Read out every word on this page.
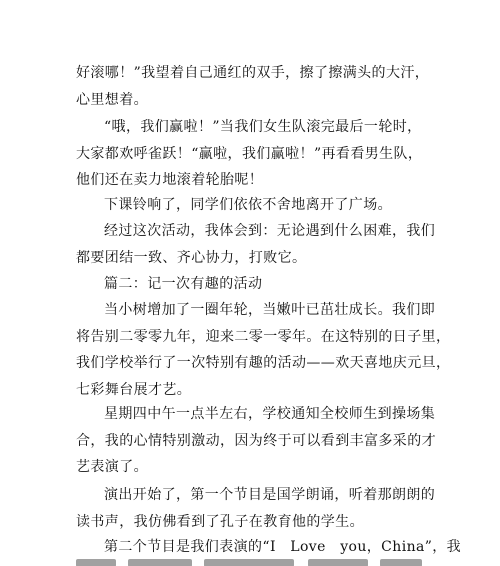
好滚哪！”我望着自己通红的双手，擦了擦满头的大汗，
心里想着。
“哦，我们赢啦！”当我们女生队滚完最后一轮时，
大家都欢呼雀跃！“赢啦，我们赢啦！”再看看男生队，
他们还在卖力地滚着轮胎呢！
下课铃响了，同学们依依不舍地离开了广场。
经过这次活动，我体会到：无论遇到什么困难，我们
都要团结一致、齐心协力，打败它。
篇二：记一次有趣的活动
当小树增加了一圈年轮，当嫩叶已茁壮成长。我们即
将告别二零零九年，迎来二零一零年。在这特别的日子里，
我们学校举行了一次特别有趣的活动——欢天喜地庆元旦，
七彩舞台展才艺。
星期四中午一点半左右，学校通知全校师生到操场集
合，我的心情特别激动，因为终于可以看到丰富多采的才
艺表演了。
演出开始了，第一个节目是国学朗诵，听着那朗朗的
读书声，我仿佛看到了孔子在教育他的学生。
第二个节目是我们表演的“I　Love　you，China”，我
